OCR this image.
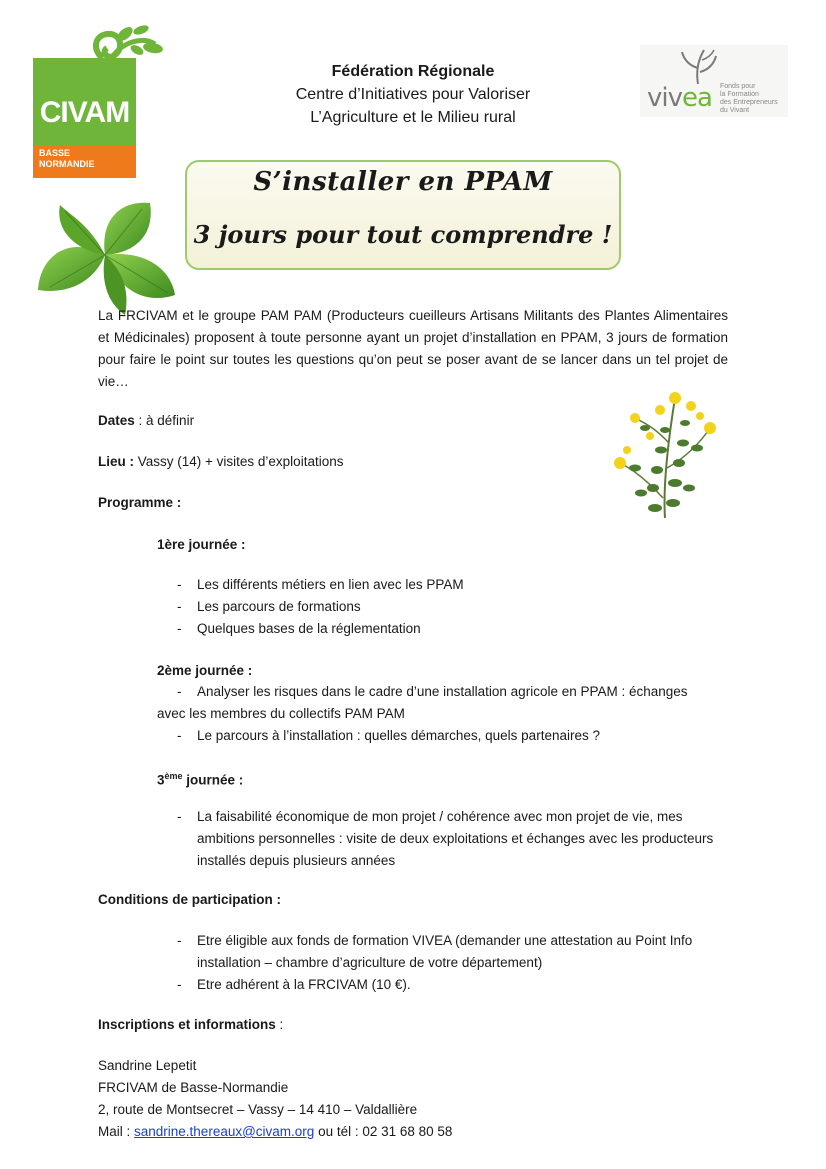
CIVAM
BASSE
NORMANDIE
Fédération Régionale
Centre d’Initiatives pour Valoriser
L’Agriculture et le Milieu rural
vivea Fonds pour
la Formation
des Entrepreneurs
du Vivant
S’installer en PPAM
3 jours pour tout comprendre !
La FRCIVAM et le groupe PAM PAM (Producteurs cueilleurs Artisans Militants des Plantes Alimentaires et Médicinales) proposent à toute personne ayant un projet d’installation en PPAM, 3 jours de formation pour faire le point sur toutes les questions qu’on peut se poser avant de se lancer dans un tel projet de vie…
Dates : à définir
Lieu : Vassy (14) + visites d’exploitations
Programme :
1ère journée :
- Les différents métiers en lien avec les PPAM
- Les parcours de formations
- Quelques bases de la réglementation
2ème journée :
- Analyser les risques dans le cadre d’une installation agricole en PPAM : échanges avec les membres du collectifs PAM PAM
- Le parcours à l’installation : quelles démarches, quels partenaires ?
3ème journée :
- La faisabilité économique de mon projet / cohérence avec mon projet de vie, mes ambitions personnelles : visite de deux exploitations et échanges avec les producteurs installés depuis plusieurs années
Conditions de participation :
- Etre éligible aux fonds de formation VIVEA (demander une attestation au Point Info installation – chambre d’agriculture de votre département)
- Etre adhérent à la FRCIVAM (10 €).
Inscriptions et informations :
Sandrine Lepetit
FRCIVAM de Basse-Normandie
2, route de Montsecret – Vassy – 14 410 – Valdallière
Mail : sandrine.thereaux@civam.org ou tél : 02 31 68 80 58
